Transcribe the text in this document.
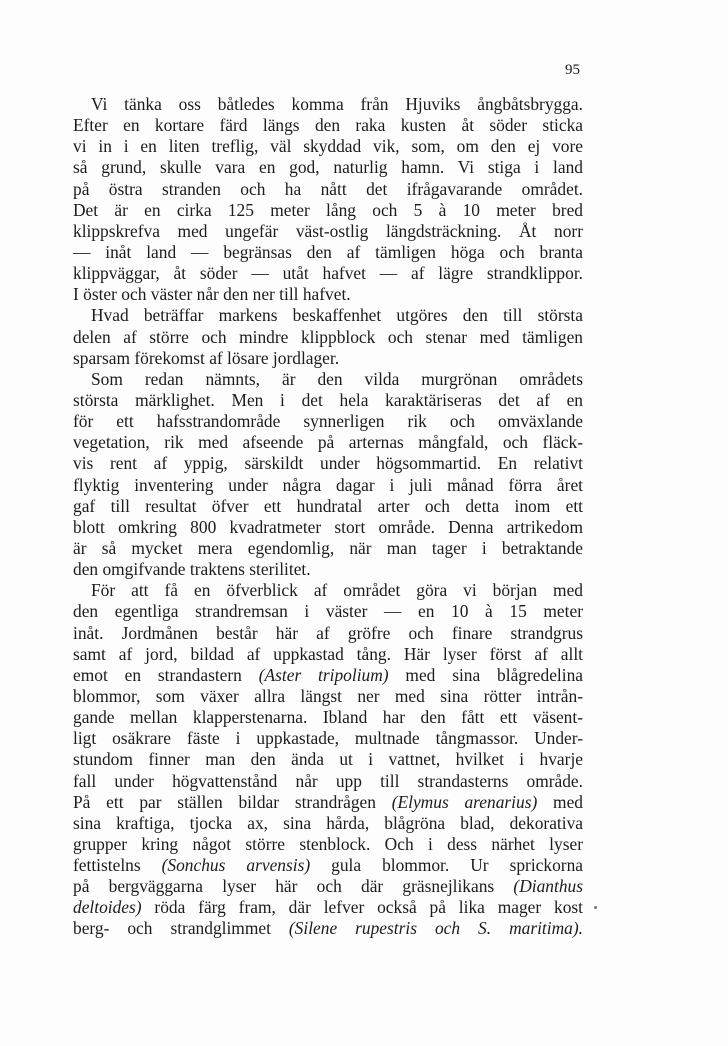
95
Vi tänka oss båtledes komma från Hjuviks ångbåtsbrygga.
Efter en kortare färd längs den raka kusten åt söder sticka
vi in i en liten treflig, väl skyddad vik, som, om den ej vore
så grund, skulle vara en god, naturlig hamn. Vi stiga i land
på östra stranden och ha nått det ifrågavarande området.
Det är en cirka 125 meter lång och 5 à 10 meter bred
klippskrefva med ungefär väst-ostlig längdsträckning. Åt norr
— inåt land — begränsas den af tämligen höga och branta
klippväggar, åt söder — utåt hafvet — af lägre strandklippor.
I öster och väster når den ner till hafvet.
Hvad beträffar markens beskaffenhet utgöres den till största
delen af större och mindre klippblock och stenar med tämligen
sparsam förekomst af lösare jordlager.
Som redan nämnts, är den vilda murgrönan områdets
största märklighet. Men i det hela karaktäriseras det af en
för ett hafsstrandområde synnerligen rik och omväxlande
vegetation, rik med afseende på arternas mångfald, och fläck-
vis rent af yppig, särskildt under högsommartid. En relativt
flyktig inventering under några dagar i juli månad förra året
gaf till resultat öfver ett hundratal arter och detta inom ett
blott omkring 800 kvadratmeter stort område. Denna artrikedom
är så mycket mera egendomlig, när man tager i betraktande
den omgifvande traktens sterilitet.
För att få en öfverblick af området göra vi början med
den egentliga strandremsan i väster — en 10 à 15 meter
inåt. Jordmånen består här af gröfre och finare strandgrus
samt af jord, bildad af uppkastad tång. Här lyser först af allt
emot en strandastern (Aster tripolium) med sina blågredelina
blommor, som växer allra längst ner med sina rötter intrån-
gande mellan klapperstenarna. Ibland har den fått ett väsent-
ligt osäkrare fäste i uppkastade, multnade tångmassor. Under-
stundom finner man den ända ut i vattnet, hvilket i hvarje
fall under högvattenstånd når upp till strandasterns område.
På ett par ställen bildar strandrågen (Elymus arenarius) med
sina kraftiga, tjocka ax, sina hårda, blågröna blad, dekorativa
grupper kring något större stenblock. Och i dess närhet lyser
fettistelns (Sonchus arvensis) gula blommor. Ur sprickorna
på bergväggarna lyser här och där gräsnejlikans (Dianthus
deltoides) röda färg fram, där lefver också på lika mager kost
berg- och strandglimmet (Silene rupestris och S. maritima).
